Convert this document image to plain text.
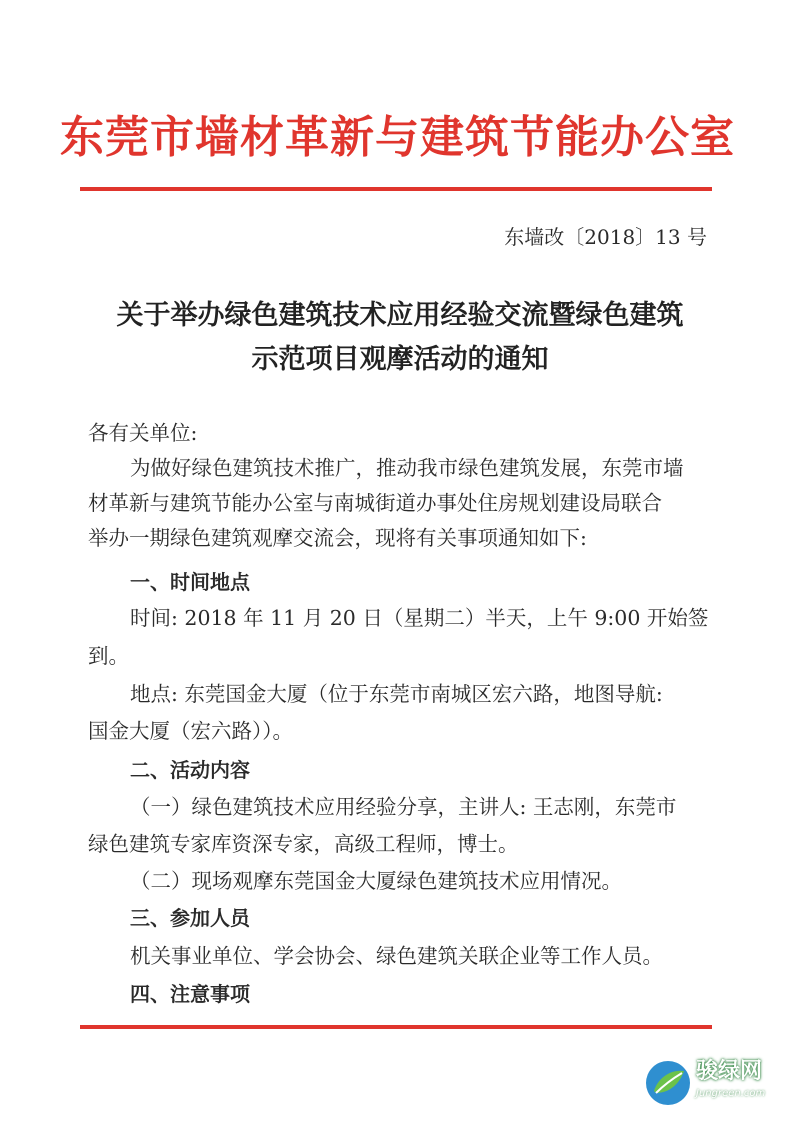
东莞市墙材革新与建筑节能办公室
东墙改〔2018〕13 号
关于举办绿色建筑技术应用经验交流暨绿色建筑
示范项目观摩活动的通知
各有关单位:
为做好绿色建筑技术推广，推动我市绿色建筑发展，东莞市墙
材革新与建筑节能办公室与南城街道办事处住房规划建设局联合
举办一期绿色建筑观摩交流会，现将有关事项通知如下:
一、时间地点
时间: 2018 年 11 月 20 日（星期二）半天，上午 9:00 开始签
到。
地点: 东莞国金大厦（位于东莞市南城区宏六路，地图导航:
国金大厦（宏六路））。
二、活动内容
（一）绿色建筑技术应用经验分享，主讲人: 王志刚，东莞市
绿色建筑专家库资深专家，高级工程师，博士。
（二）现场观摩东莞国金大厦绿色建筑技术应用情况。
三、参加人员
机关事业单位、学会协会、绿色建筑关联企业等工作人员。
四、注意事项
骏绿网
Jungreen.com
